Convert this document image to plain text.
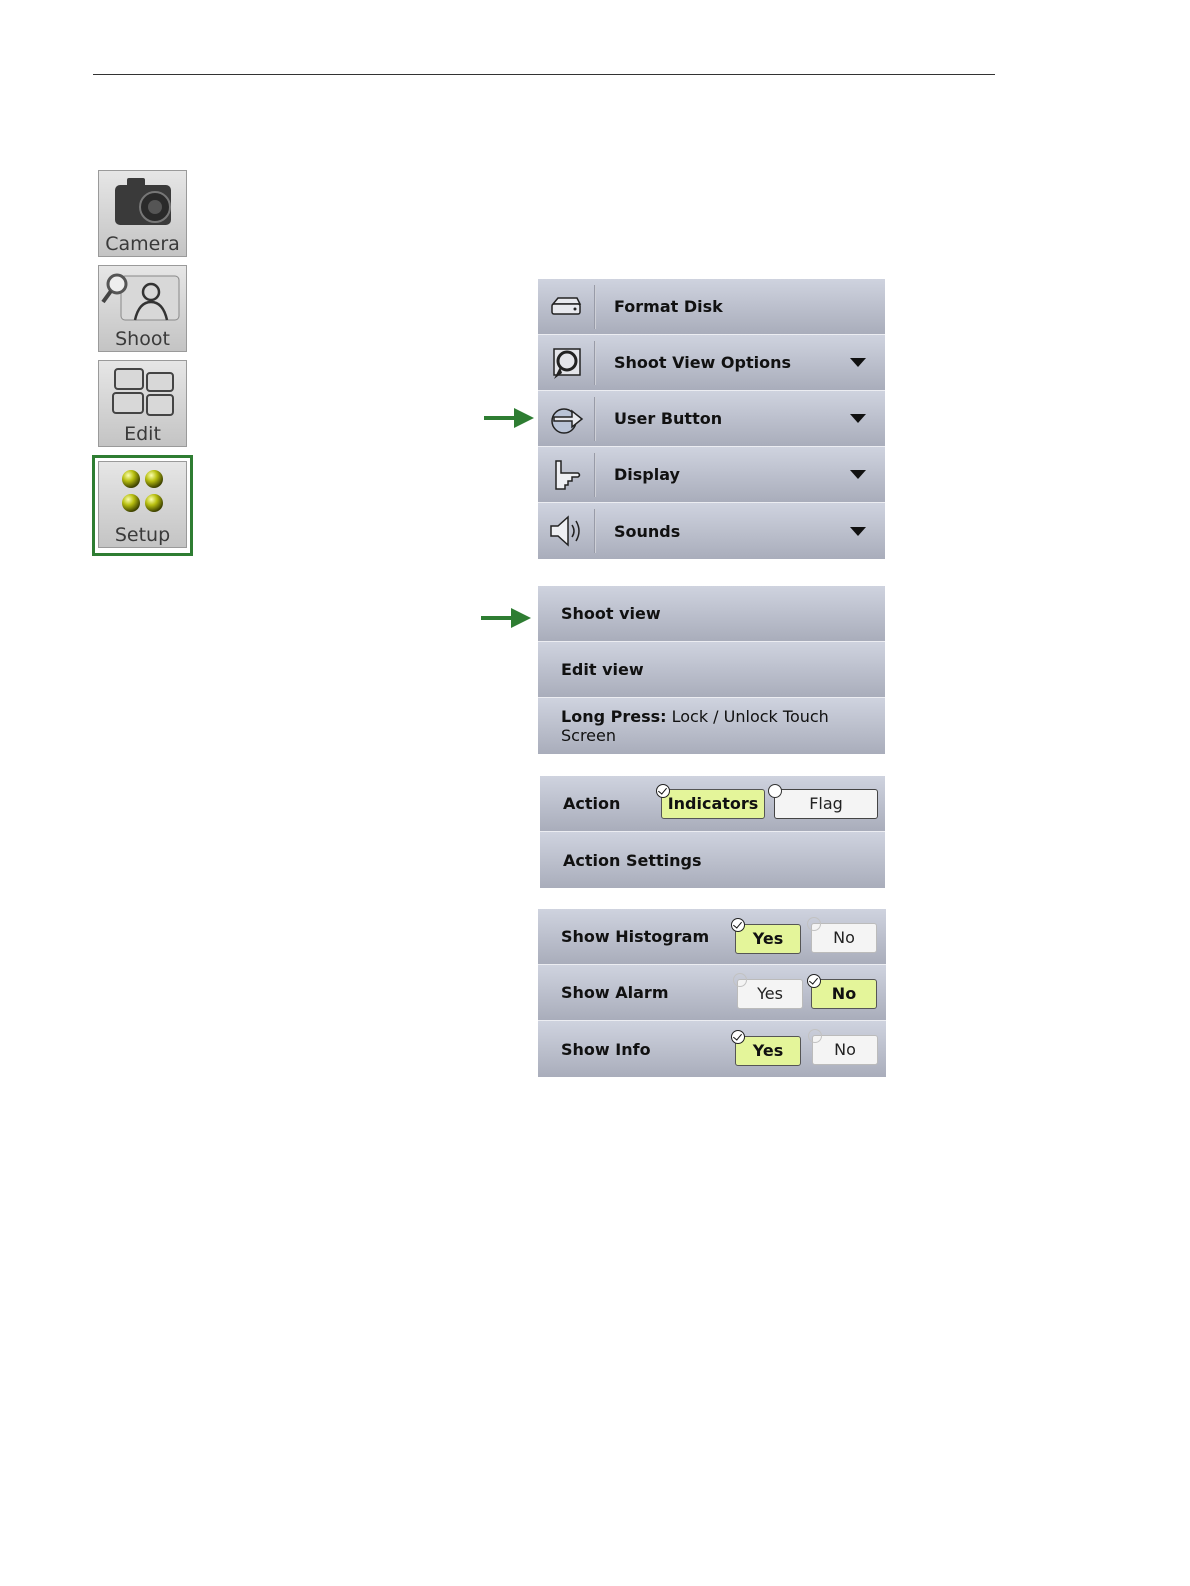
Camera
Shoot
Edit
Setup
Format Disk
Shoot View Options
User Button
Display
Sounds
Shoot view
Edit view
Long Press: Lock / Unlock Touch Screen
Action	Indicators	Flag
Action Settings
Show Histogram	Yes	No
Show Alarm	Yes	No
Show Info	Yes	No
